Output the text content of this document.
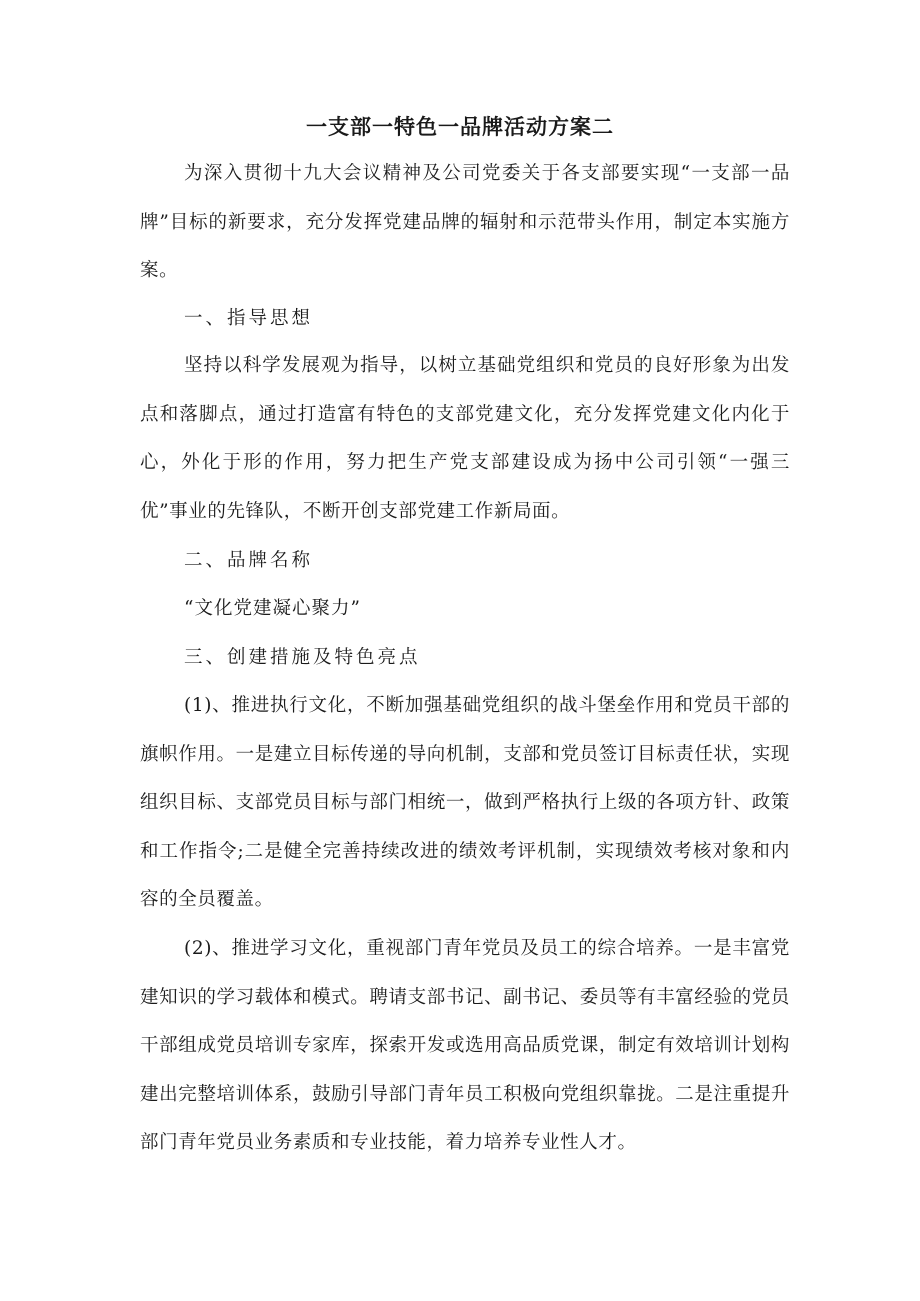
一支部一特色一品牌活动方案二

为深入贯彻十九大会议精神及公司党委关于各支部要实现“一支部一品牌”目标的新要求，充分发挥党建品牌的辐射和示范带头作用，制定本实施方案。

一、指导思想

坚持以科学发展观为指导，以树立基础党组织和党员的良好形象为出发点和落脚点，通过打造富有特色的支部党建文化，充分发挥党建文化内化于心，外化于形的作用，努力把生产党支部建设成为扬中公司引领“一强三优”事业的先锋队，不断开创支部党建工作新局面。

二、品牌名称

“文化党建凝心聚力”

三、创建措施及特色亮点

(1)、推进执行文化，不断加强基础党组织的战斗堡垒作用和党员干部的旗帜作用。一是建立目标传递的导向机制，支部和党员签订目标责任状，实现组织目标、支部党员目标与部门相统一，做到严格执行上级的各项方针、政策和工作指令;二是健全完善持续改进的绩效考评机制，实现绩效考核对象和内容的全员覆盖。

(2)、推进学习文化，重视部门青年党员及员工的综合培养。一是丰富党建知识的学习载体和模式。聘请支部书记、副书记、委员等有丰富经验的党员干部组成党员培训专家库，探索开发或选用高品质党课，制定有效培训计划构建出完整培训体系，鼓励引导部门青年员工积极向党组织靠拢。二是注重提升部门青年党员业务素质和专业技能，着力培养专业性人才。
